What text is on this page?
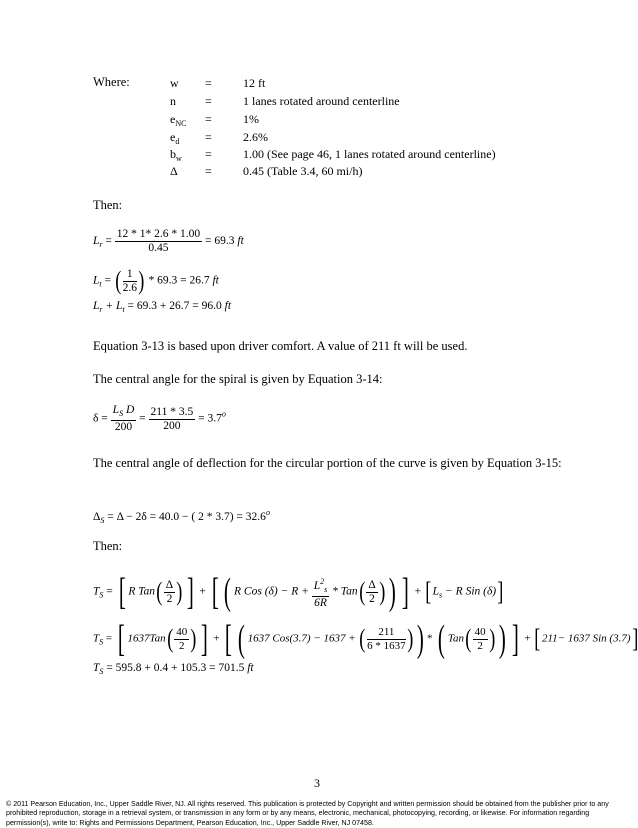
Where:	w =	12 ft
n =	1 lanes rotated around centerline
$e_{NC}$ =	1%
$e_d$ =	2.6%
$b_w$ =	1.00 (See page 46, 1 lanes rotated around centerline)
Δ =	0.45 (Table 3.4, 60 mi/h)
Then:
$L_r = \frac{12 * 1* 2.6 * 1.00}{0.45} = 69.3$ ft
$L_t$ = ( $\frac{1}{2.6}$ ) * 69.3 = 26.7 ft
$L_r + L_t = 69.3 + 26.7 = 96.0$ ft
Equation 3-13 is based upon driver comfort. A value of 211 ft will be used.
The central angle for the spiral is given by Equation 3-14:
$\delta = \frac{L_S D}{200} = \frac{211 * 3.5}{200} = 3.7^o$
The central angle of deflection for the circular portion of the curve is given by Equation 3-15:
$\Delta_S = \Delta - 2\delta = 40.0$ − ( $2 * 3.7) = 32.6^o$
Then:
$T_S$ = [ R $Tan( \frac{\Delta}{2}$ ) ] + [ ( R Cos $(\delta) - R + \frac{L^2_s}{6R} * Tan( \frac{\Delta}{2}$ ) ) ] + [$L_s - R$ Sin (δ)]
$T_S$ = [ $1637Tan( \frac{40}{2}$ ) ] + [ ( 1637 Cos(3.7) − 1637 + ( $\frac{211}{6 * 1637}$ ) ) * ( $Tan( \frac{40}{2}$ ) ) ] + [211− 1637 Sin (3.7)]
$T_S = 595.8 + 0.4 + 105.3 = 701.5$ ft
3
© 2011 Pearson Education, Inc., Upper Saddle River, NJ. All rights reserved. This publication is protected by Copyright and written permission should be obtained from the publisher prior to any prohibited reproduction, storage in a retrieval system, or transmission in any form or by any means, electronic, mechanical, photocopying, recording, or likewise. For information regarding permission(s), write to: Rights and Permissions Department, Pearson Education, Inc., Upper Saddle River, NJ 07458.
